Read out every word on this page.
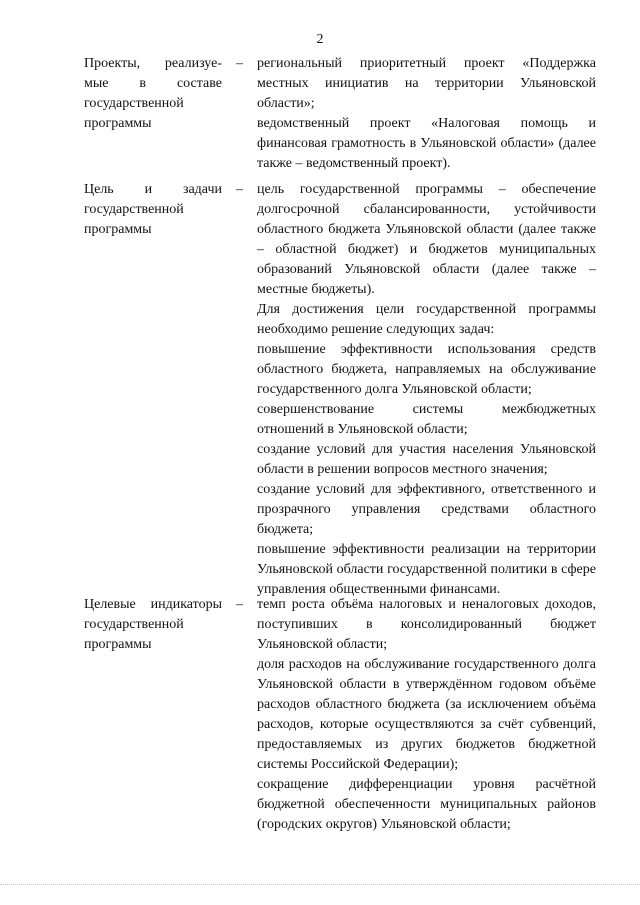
2

Проекты, реализуе-

мые в составе

государственной

программы

– региональный приоритетный проект «Поддержка местных инициатив на территории Ульяновской области»;

ведомственный проект «Налоговая помощь и финансовая грамотность в Ульяновской области» (далее также – ведомственный проект).

Цель и задачи

государственной

программы

– цель государственной программы – обеспечение долгосрочной сбалансированности, устойчивости областного бюджета Ульяновской области (далее также – областной бюджет) и бюджетов муниципальных образований Ульяновской области (далее также – местные бюджеты).

Для достижения цели государственной программы необходимо решение следующих задач:

повышение эффективности использования средств областного бюджета, направляемых на обслуживание государственного долга Ульяновской области;

совершенствование системы межбюджетных отношений в Ульяновской области;

создание условий для участия населения Ульяновской области в решении вопросов местного значения;

создание условий для эффективного, ответственного и прозрачного управления средствами областного бюджета;

повышение эффективности реализации на территории Ульяновской области государственной политики в сфере управления общественными финансами.

Целевые индикаторы

государственной

программы

– темп роста объёма налоговых и неналоговых доходов, поступивших в консолидированный бюджет Ульяновской области;

доля расходов на обслуживание государственного долга Ульяновской области в утверждённом годовом объёме расходов областного бюджета (за исключением объёма расходов, которые осуществляются за счёт субвенций, предоставляемых из других бюджетов бюджетной системы Российской Федерации);

сокращение дифференциации уровня расчётной бюджетной обеспеченности муниципальных районов (городских округов) Ульяновской области;
